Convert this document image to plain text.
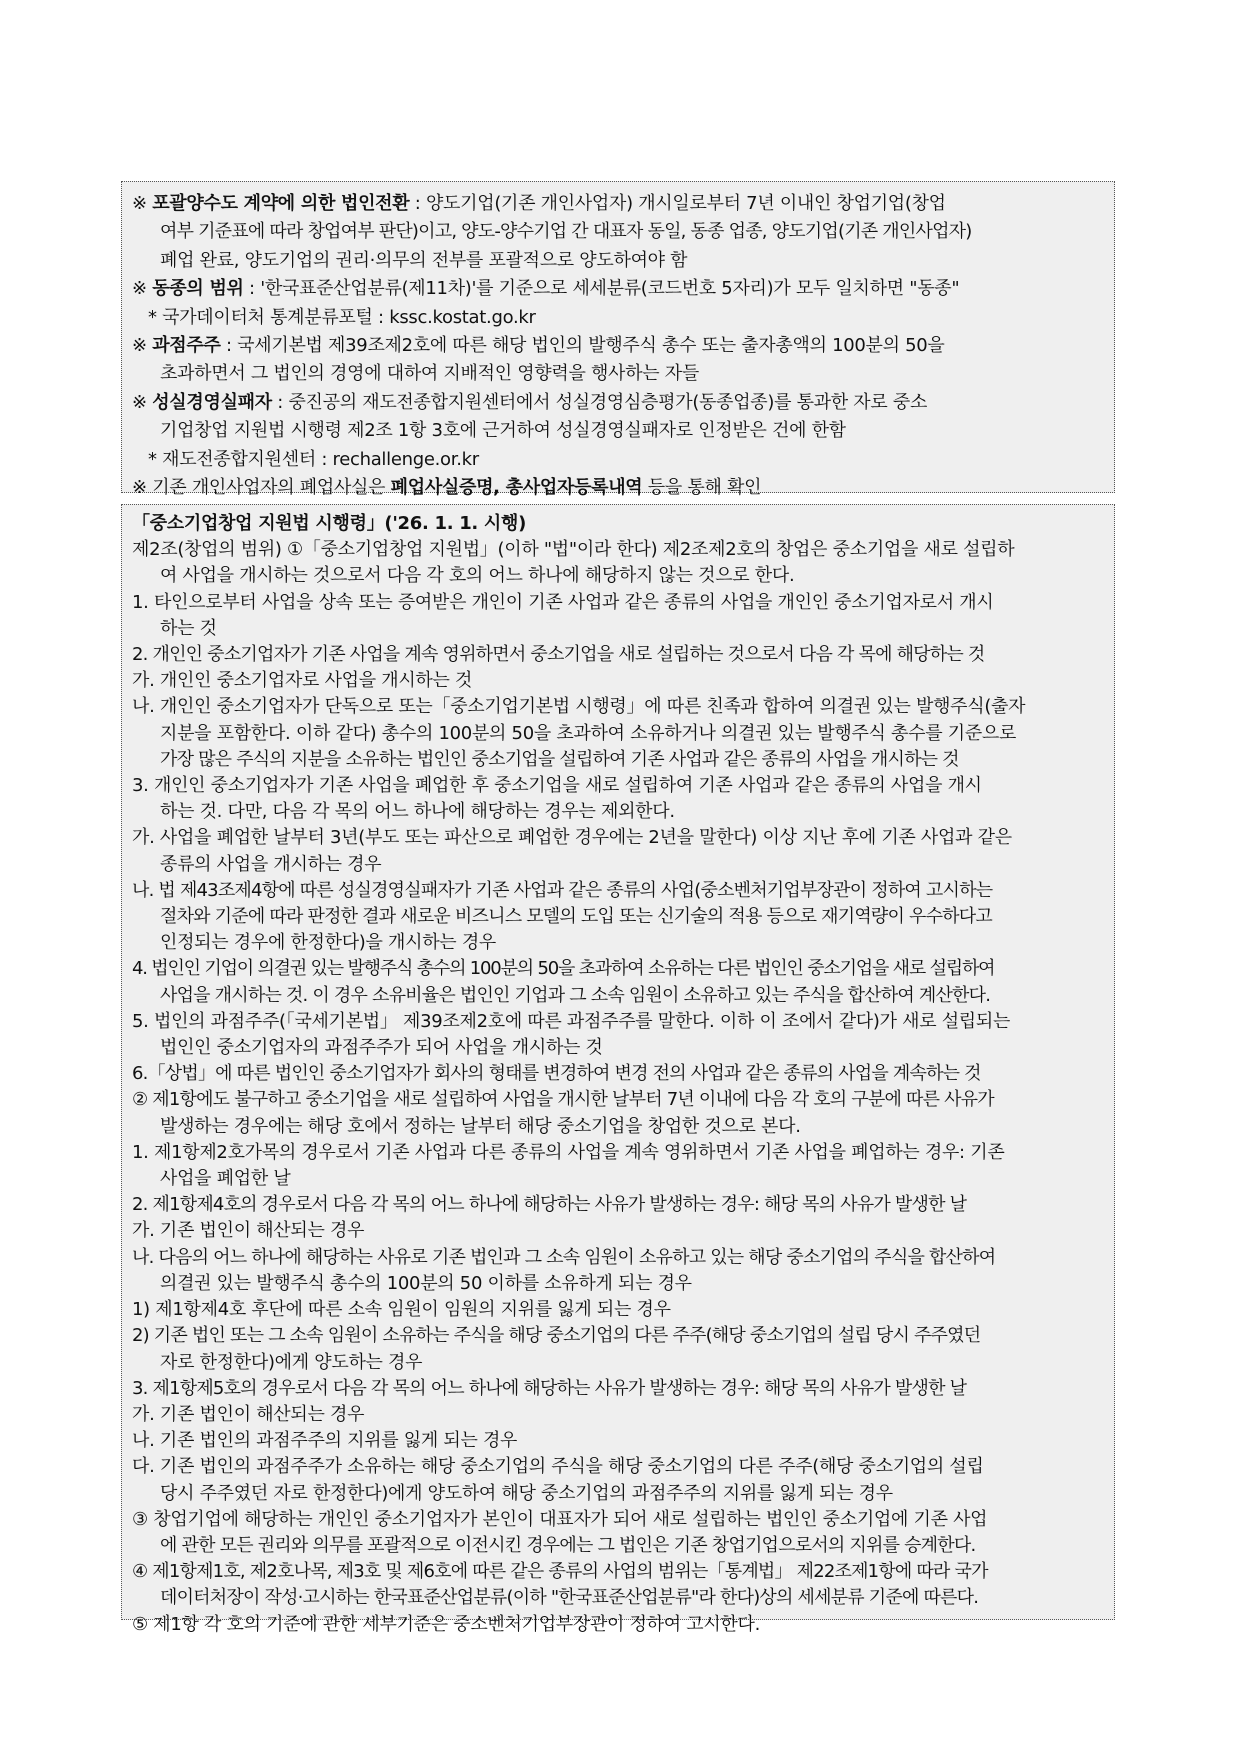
※ 포괄양수도 계약에 의한 법인전환 : 양도기업(기존 개인사업자) 개시일로부터 7년 이내인 창업기업(창업
여부 기준표에 따라 창업여부 판단)이고, 양도-양수기업 간 대표자 동일, 동종 업종, 양도기업(기존 개인사업자)
폐업 완료, 양도기업의 권리·의무의 전부를 포괄적으로 양도하여야 함
※ 동종의 범위 : '한국표준산업분류(제11차)'를 기준으로 세세분류(코드번호 5자리)가 모두 일치하면 "동종"
* 국가데이터처 통계분류포털 : kssc.kostat.go.kr
※ 과점주주 : 국세기본법 제39조제2호에 따른 해당 법인의 발행주식 총수 또는 출자총액의 100분의 50을
초과하면서 그 법인의 경영에 대하여 지배적인 영향력을 행사하는 자들
※ 성실경영실패자 : 중진공의 재도전종합지원센터에서 성실경영심층평가(동종업종)를 통과한 자로 중소
기업창업 지원법 시행령 제2조 1항 3호에 근거하여 성실경영실패자로 인정받은 건에 한함
* 재도전종합지원센터 : rechallenge.or.kr
※ 기존 개인사업자의 폐업사실은 폐업사실증명, 총사업자등록내역 등을 통해 확인
「중소기업창업 지원법 시행령」('26. 1. 1. 시행)
제2조(창업의 범위) ①「중소기업창업 지원법」(이하 "법"이라 한다) 제2조제2호의 창업은 중소기업을 새로 설립하
여 사업을 개시하는 것으로서 다음 각 호의 어느 하나에 해당하지 않는 것으로 한다.
1. 타인으로부터 사업을 상속 또는 증여받은 개인이 기존 사업과 같은 종류의 사업을 개인인 중소기업자로서 개시
하는 것
2. 개인인 중소기업자가 기존 사업을 계속 영위하면서 중소기업을 새로 설립하는 것으로서 다음 각 목에 해당하는 것
가. 개인인 중소기업자로 사업을 개시하는 것
나. 개인인 중소기업자가 단독으로 또는「중소기업기본법 시행령」에 따른 친족과 합하여 의결권 있는 발행주식(출자
지분을 포함한다. 이하 같다) 총수의 100분의 50을 초과하여 소유하거나 의결권 있는 발행주식 총수를 기준으로
가장 많은 주식의 지분을 소유하는 법인인 중소기업을 설립하여 기존 사업과 같은 종류의 사업을 개시하는 것
3. 개인인 중소기업자가 기존 사업을 폐업한 후 중소기업을 새로 설립하여 기존 사업과 같은 종류의 사업을 개시
하는 것. 다만, 다음 각 목의 어느 하나에 해당하는 경우는 제외한다.
가. 사업을 폐업한 날부터 3년(부도 또는 파산으로 폐업한 경우에는 2년을 말한다) 이상 지난 후에 기존 사업과 같은
종류의 사업을 개시하는 경우
나. 법 제43조제4항에 따른 성실경영실패자가 기존 사업과 같은 종류의 사업(중소벤처기업부장관이 정하여 고시하는
절차와 기준에 따라 판정한 결과 새로운 비즈니스 모델의 도입 또는 신기술의 적용 등으로 재기역량이 우수하다고
인정되는 경우에 한정한다)을 개시하는 경우
4. 법인인 기업이 의결권 있는 발행주식 총수의 100분의 50을 초과하여 소유하는 다른 법인인 중소기업을 새로 설립하여
사업을 개시하는 것. 이 경우 소유비율은 법인인 기업과 그 소속 임원이 소유하고 있는 주식을 합산하여 계산한다.
5. 법인의 과점주주(「국세기본법」 제39조제2호에 따른 과점주주를 말한다. 이하 이 조에서 같다)가 새로 설립되는
법인인 중소기업자의 과점주주가 되어 사업을 개시하는 것
6.「상법」에 따른 법인인 중소기업자가 회사의 형태를 변경하여 변경 전의 사업과 같은 종류의 사업을 계속하는 것
② 제1항에도 불구하고 중소기업을 새로 설립하여 사업을 개시한 날부터 7년 이내에 다음 각 호의 구분에 따른 사유가
발생하는 경우에는 해당 호에서 정하는 날부터 해당 중소기업을 창업한 것으로 본다.
1. 제1항제2호가목의 경우로서 기존 사업과 다른 종류의 사업을 계속 영위하면서 기존 사업을 폐업하는 경우: 기존
사업을 폐업한 날
2. 제1항제4호의 경우로서 다음 각 목의 어느 하나에 해당하는 사유가 발생하는 경우: 해당 목의 사유가 발생한 날
가. 기존 법인이 해산되는 경우
나. 다음의 어느 하나에 해당하는 사유로 기존 법인과 그 소속 임원이 소유하고 있는 해당 중소기업의 주식을 합산하여
의결권 있는 발행주식 총수의 100분의 50 이하를 소유하게 되는 경우
1) 제1항제4호 후단에 따른 소속 임원이 임원의 지위를 잃게 되는 경우
2) 기존 법인 또는 그 소속 임원이 소유하는 주식을 해당 중소기업의 다른 주주(해당 중소기업의 설립 당시 주주였던
자로 한정한다)에게 양도하는 경우
3. 제1항제5호의 경우로서 다음 각 목의 어느 하나에 해당하는 사유가 발생하는 경우: 해당 목의 사유가 발생한 날
가. 기존 법인이 해산되는 경우
나. 기존 법인의 과점주주의 지위를 잃게 되는 경우
다. 기존 법인의 과점주주가 소유하는 해당 중소기업의 주식을 해당 중소기업의 다른 주주(해당 중소기업의 설립
당시 주주였던 자로 한정한다)에게 양도하여 해당 중소기업의 과점주주의 지위를 잃게 되는 경우
③ 창업기업에 해당하는 개인인 중소기업자가 본인이 대표자가 되어 새로 설립하는 법인인 중소기업에 기존 사업
에 관한 모든 권리와 의무를 포괄적으로 이전시킨 경우에는 그 법인은 기존 창업기업으로서의 지위를 승계한다.
④ 제1항제1호, 제2호나목, 제3호 및 제6호에 따른 같은 종류의 사업의 범위는「통계법」 제22조제1항에 따라 국가
데이터처장이 작성·고시하는 한국표준산업분류(이하 "한국표준산업분류"라 한다)상의 세세분류 기준에 따른다.
⑤ 제1항 각 호의 기준에 관한 세부기준은 중소벤처기업부장관이 정하여 고시한다.
